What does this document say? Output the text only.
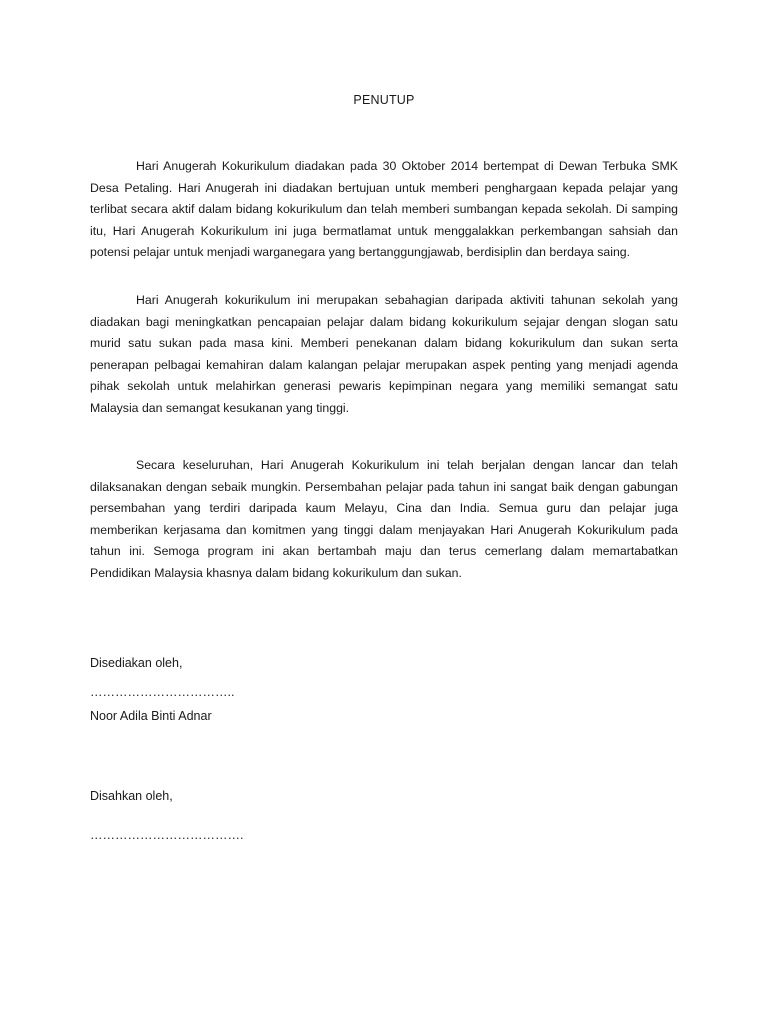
PENUTUP

Hari Anugerah Kokurikulum diadakan pada 30 Oktober 2014 bertempat di Dewan Terbuka SMK Desa Petaling. Hari Anugerah ini diadakan bertujuan untuk memberi penghargaan kepada pelajar yang terlibat secara aktif dalam bidang kokurikulum dan telah memberi sumbangan kepada sekolah. Di samping itu, Hari Anugerah Kokurikulum ini juga bermatlamat untuk menggalakkan perkembangan sahsiah dan potensi pelajar untuk menjadi warganegara yang bertanggungjawab, berdisiplin dan berdaya saing.

Hari Anugerah kokurikulum ini merupakan sebahagian daripada aktiviti tahunan sekolah yang diadakan bagi meningkatkan pencapaian pelajar dalam bidang kokurikulum sejajar dengan slogan satu murid satu sukan pada masa kini. Memberi penekanan dalam bidang kokurikulum dan sukan serta penerapan pelbagai kemahiran dalam kalangan pelajar merupakan aspek penting yang menjadi agenda pihak sekolah untuk melahirkan generasi pewaris kepimpinan negara yang memiliki semangat satu Malaysia dan semangat kesukanan yang tinggi.

Secara keseluruhan, Hari Anugerah Kokurikulum ini telah berjalan dengan lancar dan telah dilaksanakan dengan sebaik mungkin. Persembahan pelajar pada tahun ini sangat baik dengan gabungan persembahan yang terdiri daripada kaum Melayu, Cina dan India. Semua guru dan pelajar juga memberikan kerjasama dan komitmen yang tinggi dalam menjayakan Hari Anugerah Kokurikulum pada tahun ini. Semoga program ini akan bertambah maju dan terus cemerlang dalam memartabatkan Pendidikan Malaysia khasnya dalam bidang kokurikulum dan sukan.

Disediakan oleh,
……………………………..
Noor Adila Binti Adnar
Disahkan oleh,
……………………………….
